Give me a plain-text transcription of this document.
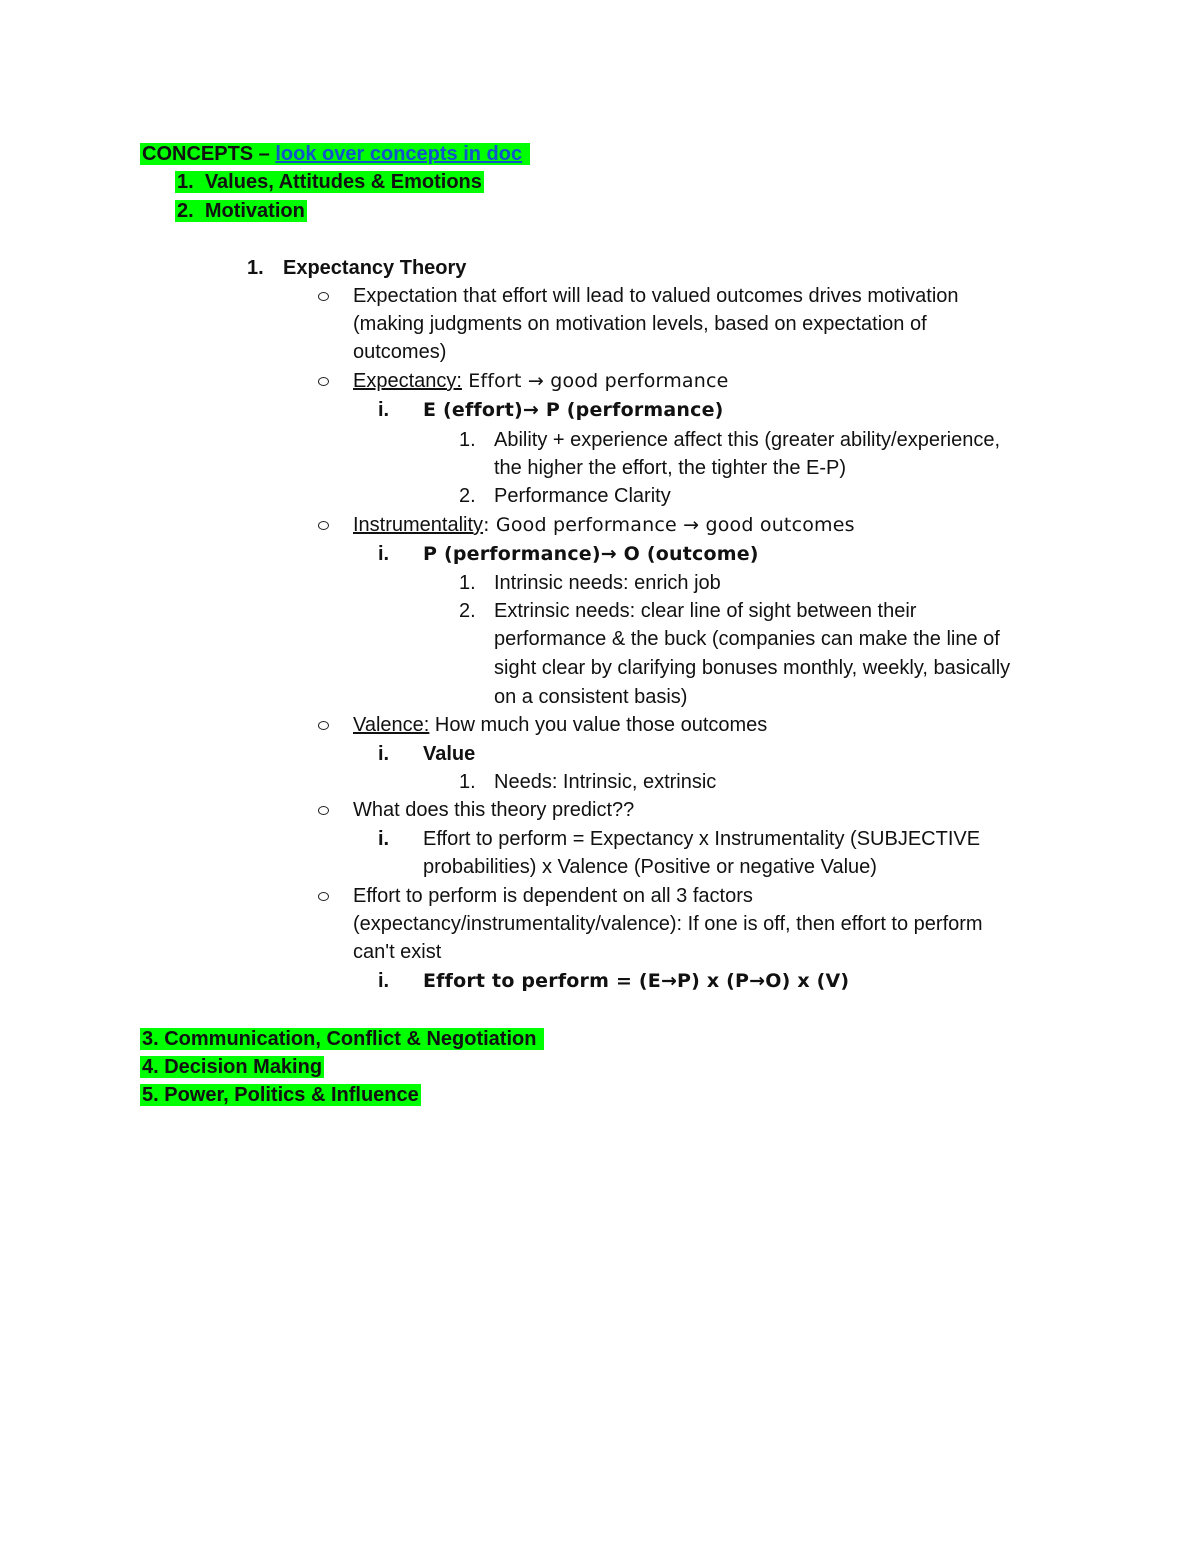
CONCEPTS – look over concepts in doc
1. Values, Attitudes & Emotions
2. Motivation
1. Expectancy Theory
Expectation that effort will lead to valued outcomes drives motivation
(making judgments on motivation levels, based on expectation of
outcomes)
Expectancy: Effort → good performance
i. E (effort)→ P (performance)
1. Ability + experience affect this (greater ability/experience,
the higher the effort, the tighter the E-P)
2. Performance Clarity
Instrumentality: Good performance → good outcomes
i. P (performance)→ O (outcome)
1. Intrinsic needs: enrich job
2. Extrinsic needs: clear line of sight between their
performance & the buck (companies can make the line of
sight clear by clarifying bonuses monthly, weekly, basically
on a consistent basis)
Valence: How much you value those outcomes
i. Value
1. Needs: Intrinsic, extrinsic
What does this theory predict??
i. Effort to perform = Expectancy x Instrumentality (SUBJECTIVE
probabilities) x Valence (Positive or negative Value)
Effort to perform is dependent on all 3 factors
(expectancy/instrumentality/valence): If one is off, then effort to perform
can't exist
i. Effort to perform = (E→P) x (P→O) x (V)
3. Communication, Conflict & Negotiation
4. Decision Making
5. Power, Politics & Influence
